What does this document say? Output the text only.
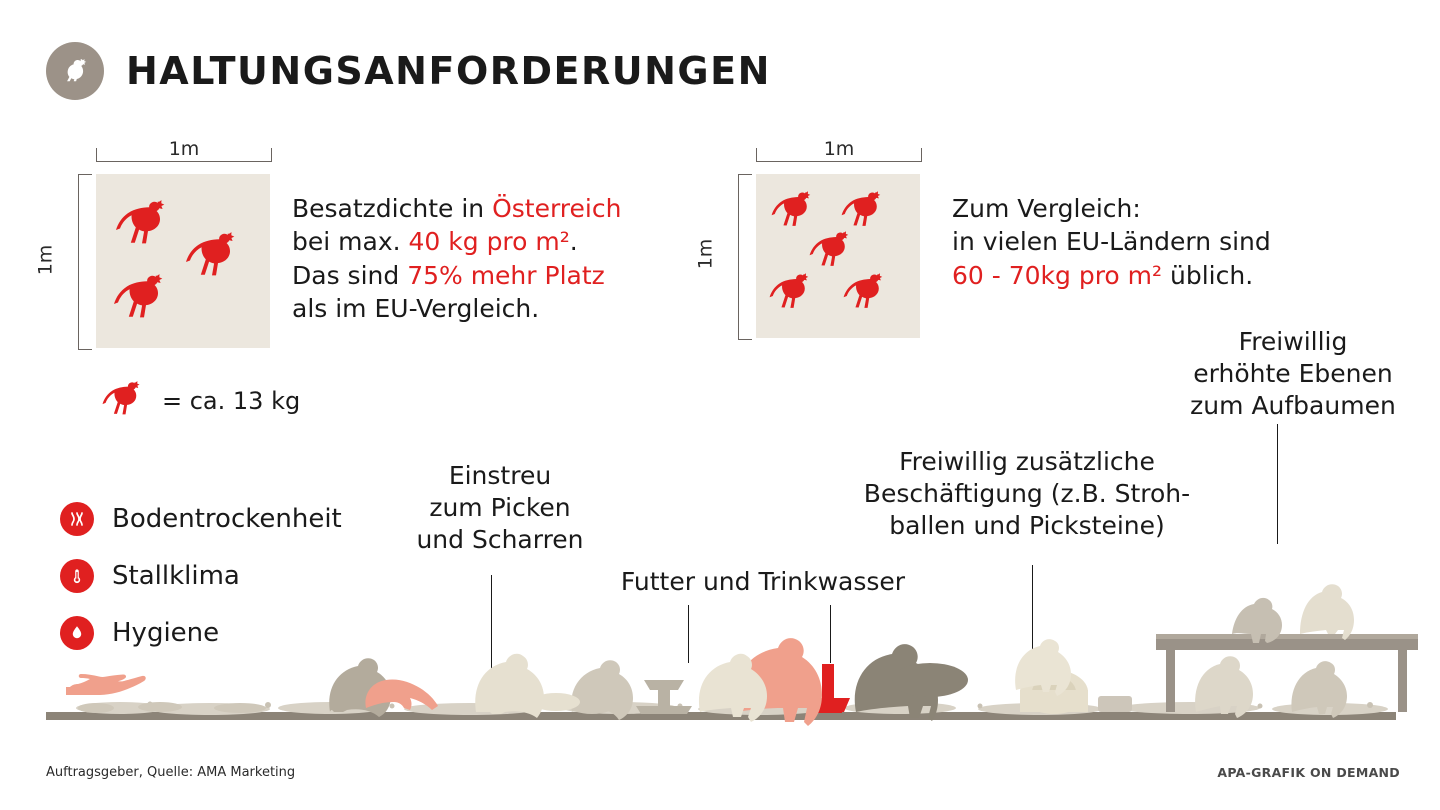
HALTUNGSANFORDERUNGEN
1m
1m
Besatzdichte in Österreich
bei max. 40 kg pro m².
Das sind 75% mehr Platz
als im EU-Vergleich.
1m
1m
Zum Vergleich:
in vielen EU-Ländern sind
60 - 70kg pro m² üblich.
= ca. 13 kg
Bodentrockenheit
Stallklima
Hygiene
Einstreu
zum Picken
und Scharren
Futter und Trinkwasser
Freiwillig zusätzliche
Beschäftigung (z.B. Stroh-
ballen und Picksteine)
Freiwillig
erhöhte Ebenen
zum Aufbaumen
Auftragsgeber, Quelle: AMA Marketing	APA-GRAFIK ON DEMAND
